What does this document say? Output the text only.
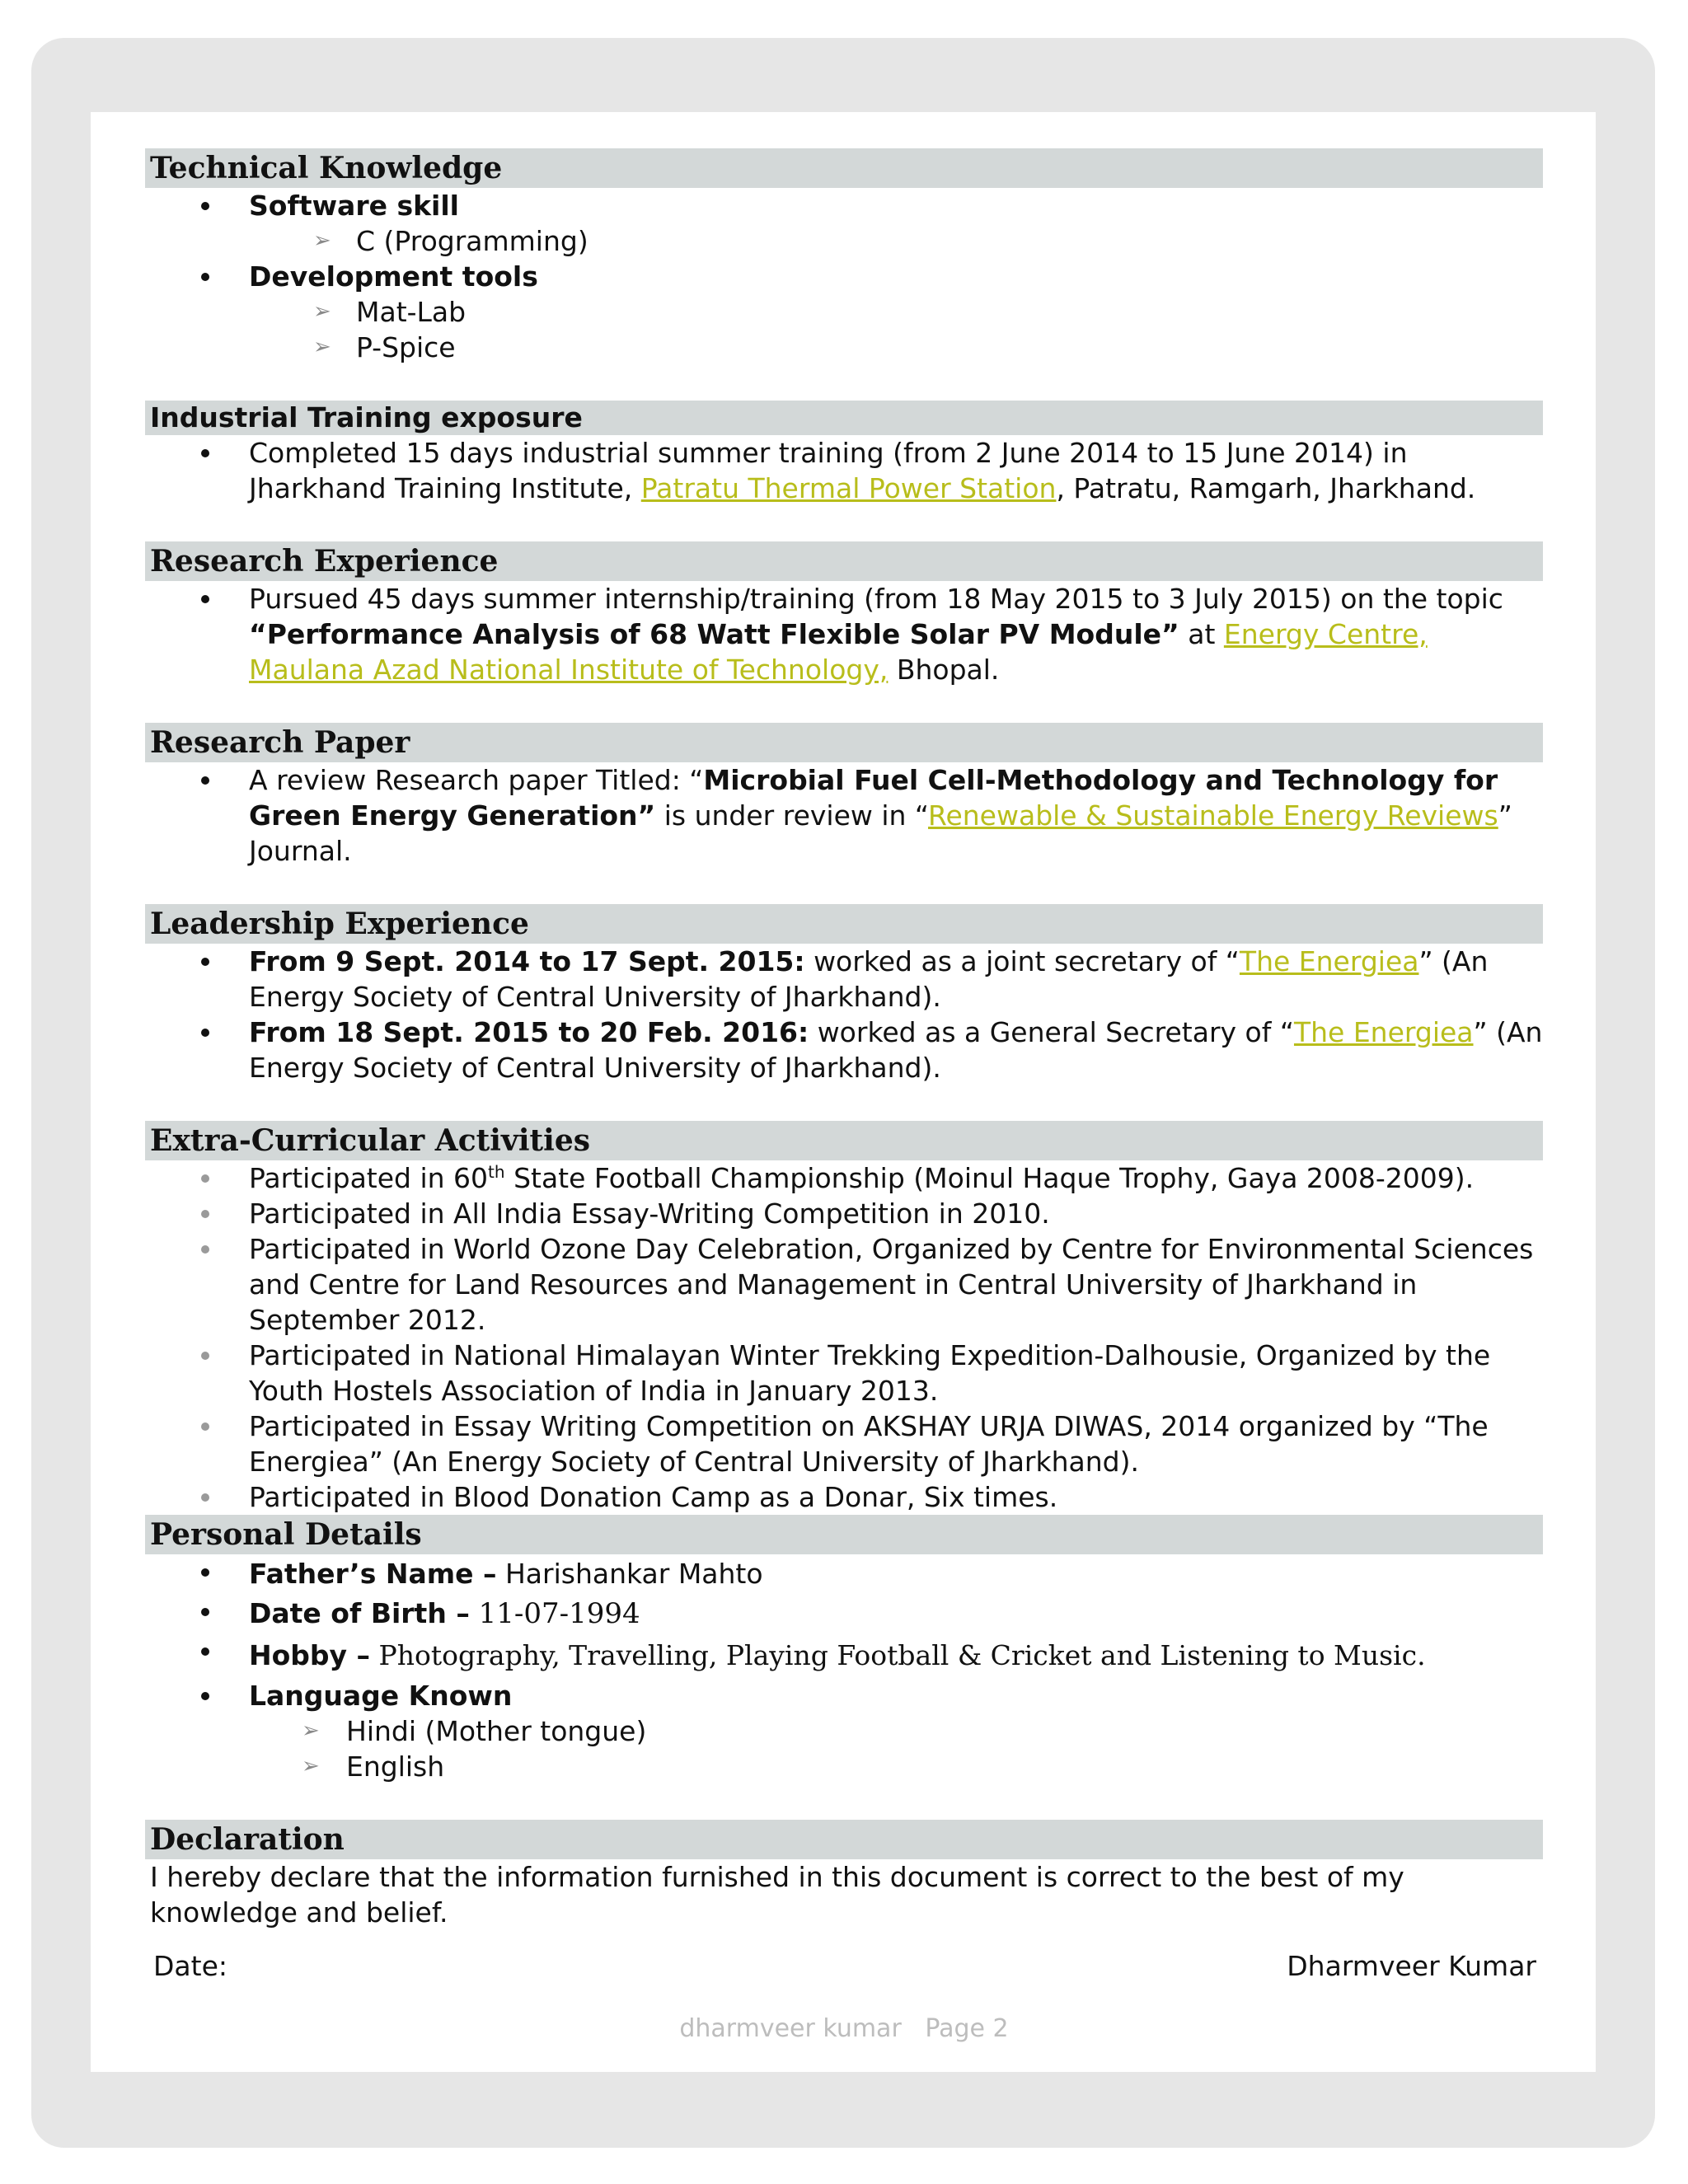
Technical Knowledge
Software skill
➢ C (Programming)
Development tools
➢ Mat-Lab
➢ P-Spice
Industrial Training exposure
Completed 15 days industrial summer training (from 2 June 2014 to 15 June 2014) in Jharkhand Training Institute, Patratu Thermal Power Station, Patratu, Ramgarh, Jharkhand.
Research Experience
Pursued 45 days summer internship/training (from 18 May 2015 to 3 July 2015) on the topic “Performance Analysis of 68 Watt Flexible Solar PV Module” at Energy Centre, Maulana Azad National Institute of Technology, Bhopal.
Research Paper
A review Research paper Titled: “Microbial Fuel Cell-Methodology and Technology for Green Energy Generation” is under review in “Renewable & Sustainable Energy Reviews” Journal.
Leadership Experience
From 9 Sept. 2014 to 17 Sept. 2015: worked as a joint secretary of “The Energiea” (An Energy Society of Central University of Jharkhand).
From 18 Sept. 2015 to 20 Feb. 2016: worked as a General Secretary of “The Energiea” (An Energy Society of Central University of Jharkhand).
Extra-Curricular Activities
Participated in 60th State Football Championship (Moinul Haque Trophy, Gaya 2008-2009).
Participated in All India Essay-Writing Competition in 2010.
Participated in World Ozone Day Celebration, Organized by Centre for Environmental Sciences and Centre for Land Resources and Management in Central University of Jharkhand in September 2012.
Participated in National Himalayan Winter Trekking Expedition-Dalhousie, Organized by the Youth Hostels Association of India in January 2013.
Participated in Essay Writing Competition on AKSHAY URJA DIWAS, 2014 organized by “The Energiea” (An Energy Society of Central University of Jharkhand).
Participated in Blood Donation Camp as a Donar, Six times.
Personal Details
Father’s Name – Harishankar Mahto
Date of Birth – 11-07-1994
Hobby – Photography, Travelling, Playing Football & Cricket and Listening to Music.
Language Known
➢ Hindi (Mother tongue)
➢ English
Declaration
I hereby declare that the information furnished in this document is correct to the best of my knowledge and belief.
Date:	Dharmveer Kumar
dharmveer kumar Page 2
